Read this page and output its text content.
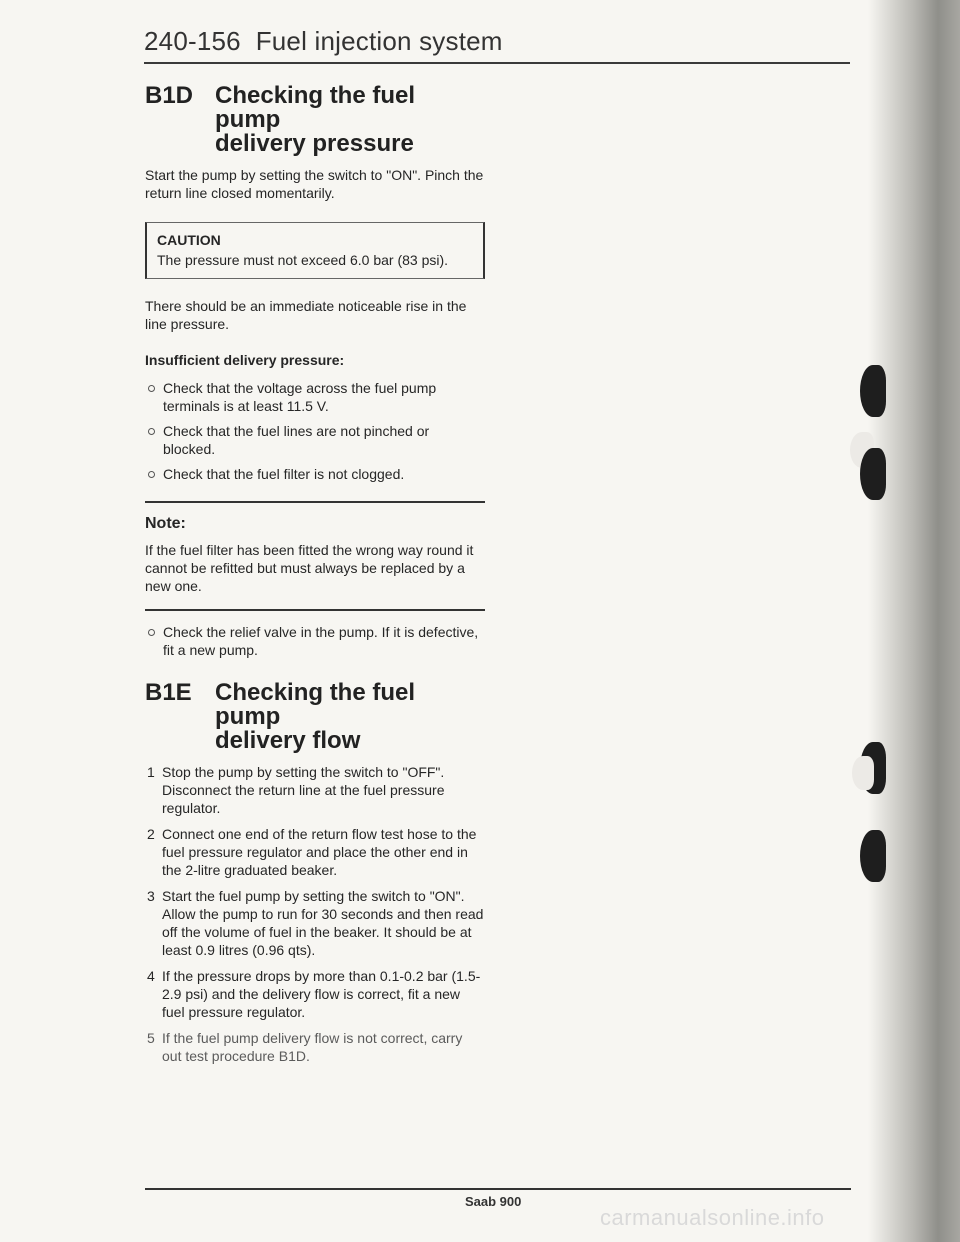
240-156 Fuel injection system
B1D Checking the fuel pump
delivery pressure

Start the pump by setting the switch to "ON". Pinch the return line closed momentarily.

CAUTION
The pressure must not exceed 6.0 bar (83 psi).

There should be an immediate noticeable rise in the line pressure.

Insufficient delivery pressure:

Check that the voltage across the fuel pump terminals is at least 11.5 V.
Check that the fuel lines are not pinched or blocked.
Check that the fuel filter is not clogged.
Note:

If the fuel filter has been fitted the wrong way round it cannot be refitted but must always be replaced by a new one.

Check the relief valve in the pump. If it is defective, fit a new pump.
B1E Checking the fuel pump
delivery flow
1 Stop the pump by setting the switch to "OFF". Disconnect the return line at the fuel pressure regulator.
2 Connect one end of the return flow test hose to the fuel pressure regulator and place the other end in the 2-litre graduated beaker.
3 Start the fuel pump by setting the switch to "ON". Allow the pump to run for 30 seconds and then read off the volume of fuel in the beaker. It should be at least 0.9 litres (0.96 qts).
4 If the pressure drops by more than 0.1-0.2 bar (1.5-2.9 psi) and the delivery flow is correct, fit a new fuel pressure regulator.
5 If the fuel pump delivery flow is not correct, carry out test procedure B1D.
Saab 900
carmanualsonline.info
